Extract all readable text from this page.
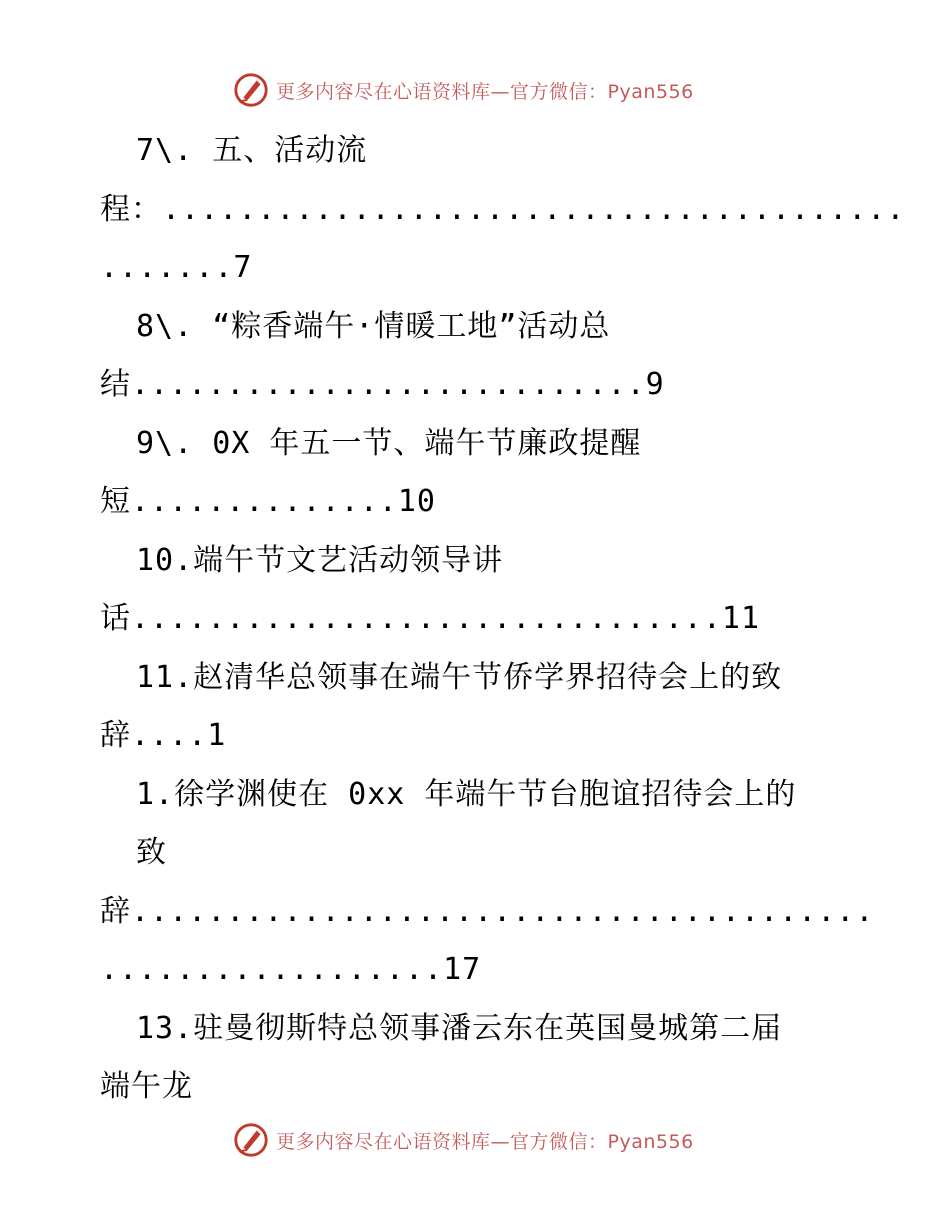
更多内容尽在心语资料库—官方微信：Pyan556
7\. 五、活动流
程：.......................................
.......7
8\. “粽香端午·情暖工地”活动总
结...........................9
9\. 0X 年五一节、端午节廉政提醒
短..............10
10.端午节文艺活动领导讲
话...............................11
11.赵清华总领事在端午节侨学界招待会上的致
辞....1
1.徐学渊使在 0xx 年端午节台胞谊招待会上的
致
辞.......................................
..................17
13.驻曼彻斯特总领事潘云东在英国曼城第二届
端午龙
更多内容尽在心语资料库—官方微信：Pyan556
